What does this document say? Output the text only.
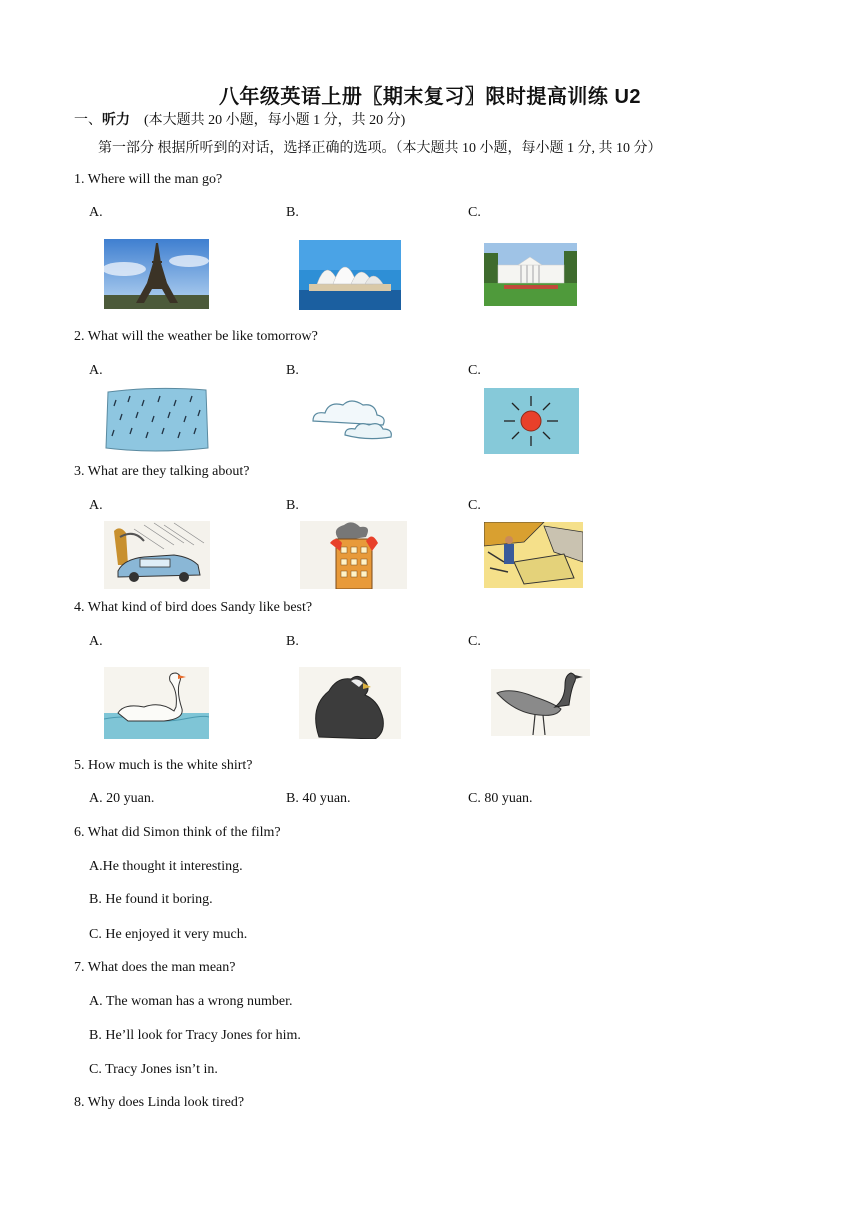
八年级英语上册〖期末复习〗限时提高训练 U2
一、听力 (本大题共 20 小题，每小题 1 分，共 20 分)
第一部分 根据所听到的对话，选择正确的选项。（本大题共 10 小题，每小题 1 分, 共 10 分）
1. Where will the man go?
A.	B.	C.
2. What will the weather be like tomorrow?
A.	B.	C.
3. What are they talking about?
A.	B.	C.
4. What kind of bird does Sandy like best?
A.	B.	C.
5. How much is the white shirt?
A. 20 yuan.	B. 40 yuan.	C. 80 yuan.
6. What did Simon think of the film?
A.He thought it interesting.
B. He found it boring.
C. He enjoyed it very much.
7. What does the man mean?
A. The woman has a wrong number.
B. He’ll look for Tracy Jones for him.
C. Tracy Jones isn’t in.
8. Why does Linda look tired?
